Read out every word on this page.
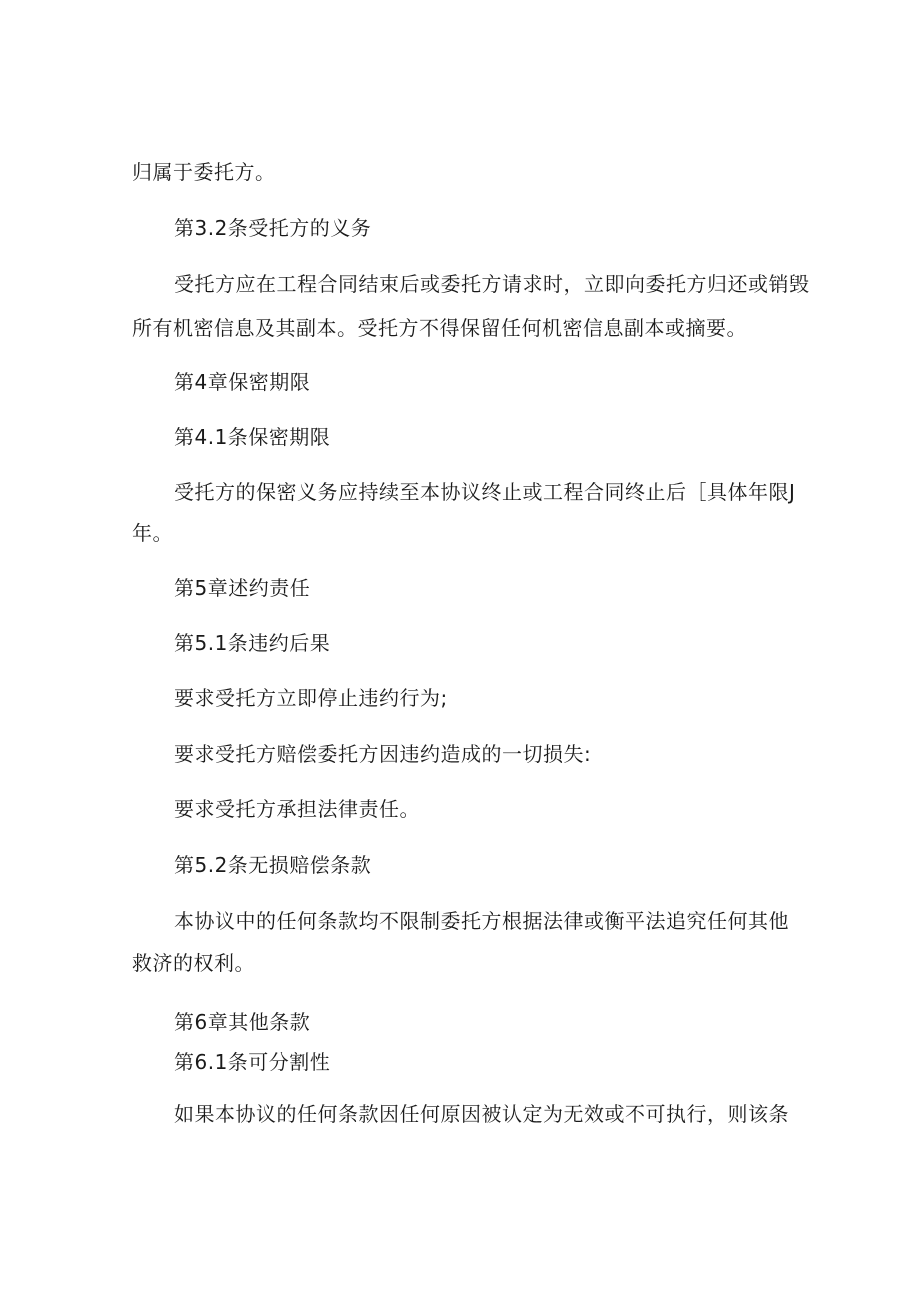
归属于委托方。
第3.2条受托方的义务
受托方应在工程合同结束后或委托方请求时，立即向委托方归还或销毁
所有机密信息及其副本。受托方不得保留任何机密信息副本或摘要。
第4章保密期限
第4.1条保密期限
受托方的保密义务应持续至本协议终止或工程合同终止后［具体年限J
年。
第5章述约责任
第5.1条违约后果
要求受托方立即停止违约行为;
要求受托方赔偿委托方因违约造成的一切损失:
要求受托方承担法律责任。
第5.2条无损赔偿条款
本协议中的任何条款均不限制委托方根据法律或衡平法追究任何其他
救济的权利。
第6章其他条款
第6.1条可分割性
如果本协议的任何条款因任何原因被认定为无效或不可执行，则该条
